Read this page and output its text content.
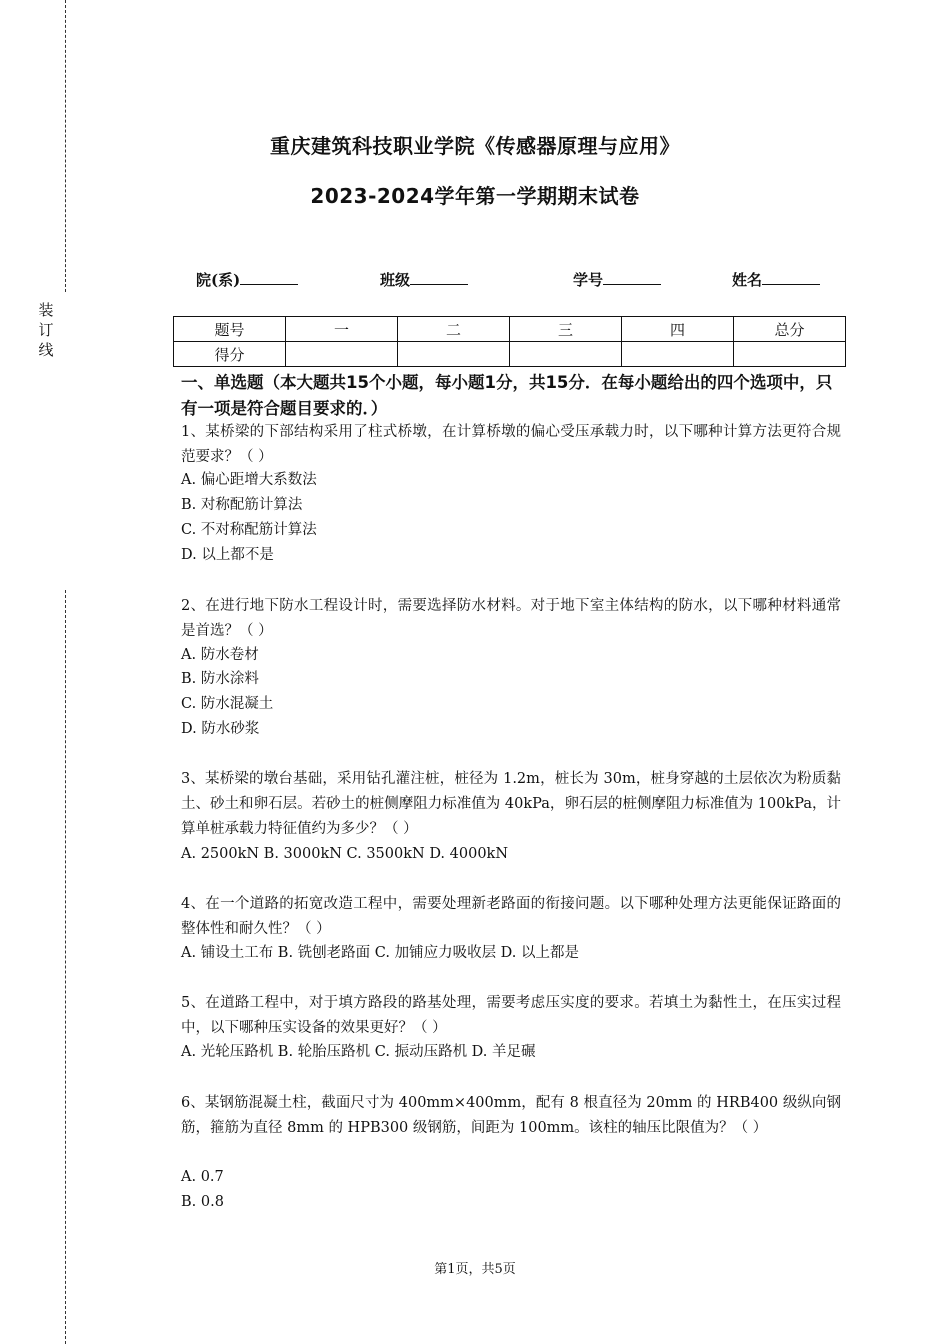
装
订
线
重庆建筑科技职业学院《传感器原理与应用》
2023-2024学年第一学期期末试卷
院(系)	班级	学号	姓名
题号	一	二	三	四	总分
得分					
一、单选题（本大题共15个小题，每小题1分，共15分．在每小题给出的四个选项中，只有一项是符合题目要求的．）
1、某桥梁的下部结构采用了柱式桥墩，在计算桥墩的偏心受压承载力时，以下哪种计算方法更符合规范要求？（ ）
A. 偏心距增大系数法
B. 对称配筋计算法
C. 不对称配筋计算法
D. 以上都不是
2、在进行地下防水工程设计时，需要选择防水材料。对于地下室主体结构的防水，以下哪种材料通常是首选？（ ）
A. 防水卷材
B. 防水涂料
C. 防水混凝土
D. 防水砂浆
3、某桥梁的墩台基础，采用钻孔灌注桩，桩径为 1.2m，桩长为 30m，桩身穿越的土层依次为粉质黏土、砂土和卵石层。若砂土的桩侧摩阻力标准值为 40kPa，卵石层的桩侧摩阻力标准值为 100kPa，计算单桩承载力特征值约为多少？（ ）
A. 2500kN B. 3000kN C. 3500kN D. 4000kN
4、在一个道路的拓宽改造工程中，需要处理新老路面的衔接问题。以下哪种处理方法更能保证路面的整体性和耐久性？（ ）
A. 铺设土工布 B. 铣刨老路面 C. 加铺应力吸收层 D. 以上都是
5、在道路工程中，对于填方路段的路基处理，需要考虑压实度的要求。若填土为黏性土，在压实过程中，以下哪种压实设备的效果更好？（ ）
A. 光轮压路机 B. 轮胎压路机 C. 振动压路机 D. 羊足碾
6、某钢筋混凝土柱，截面尺寸为 400mm×400mm，配有 8 根直径为 20mm 的 HRB400 级纵向钢筋，箍筋为直径 8mm 的 HPB300 级钢筋，间距为 100mm。该柱的轴压比限值为？（ ）
A. 0.7
B. 0.8
第1页，共5页
